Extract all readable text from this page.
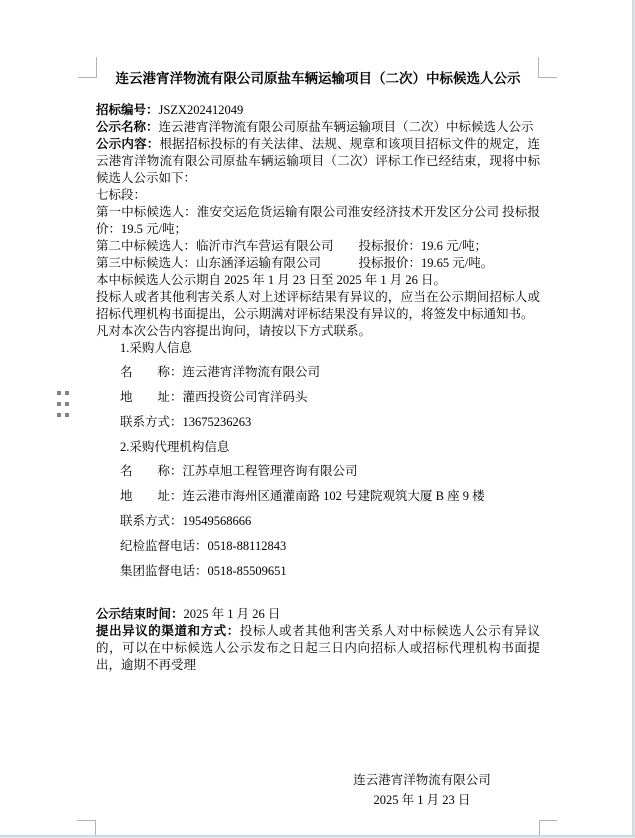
连云港宵洋物流有限公司原盐车辆运输项目（二次）中标候选人公示

招标编号：JSZX202412049

公示名称：连云港宵洋物流有限公司原盐车辆运输项目（二次）中标候选人公示

公示内容：根据招标投标的有关法律、法规、规章和该项目招标文件的规定，连云港宵洋物流有限公司原盐车辆运输项目（二次）评标工作已经结束，现将中标候选人公示如下：

七标段：

第一中标候选人：淮安交运危货运输有限公司淮安经济技术开发区分公司 投标报价：19.5 元/吨；

第二中标候选人：临沂市汽车营运有限公司　　投标报价：19.6 元/吨；

第三中标候选人：山东涵泽运输有限公司　　　投标报价：19.65 元/吨。

本中标候选人公示期自 2025 年 1 月 23 日至 2025 年 1 月 26 日。

投标人或者其他利害关系人对上述评标结果有异议的，应当在公示期间招标人或招标代理机构书面提出，公示期满对评标结果没有异议的，将签发中标通知书。

凡对本次公告内容提出询问，请按以下方式联系。

1.采购人信息

名　　称：连云港宵洋物流有限公司

地　　址：灌西投资公司宵洋码头

联系方式：13675236263

2.采购代理机构信息

名　　称：江苏卓旭工程管理咨询有限公司

地　　址：连云港市海州区通灌南路 102 号建院观筑大厦 B 座 9 楼

联系方式：19549568666

纪检监督电话：0518-88112843

集团监督电话：0518-85509651

公示结束时间：2025 年 1 月 26 日

提出异议的渠道和方式：投标人或者其他利害关系人对中标候选人公示有异议的，可以在中标候选人公示发布之日起三日内向招标人或招标代理机构书面提出，逾期不再受理

连云港宵洋物流有限公司

2025 年 1 月 23 日
